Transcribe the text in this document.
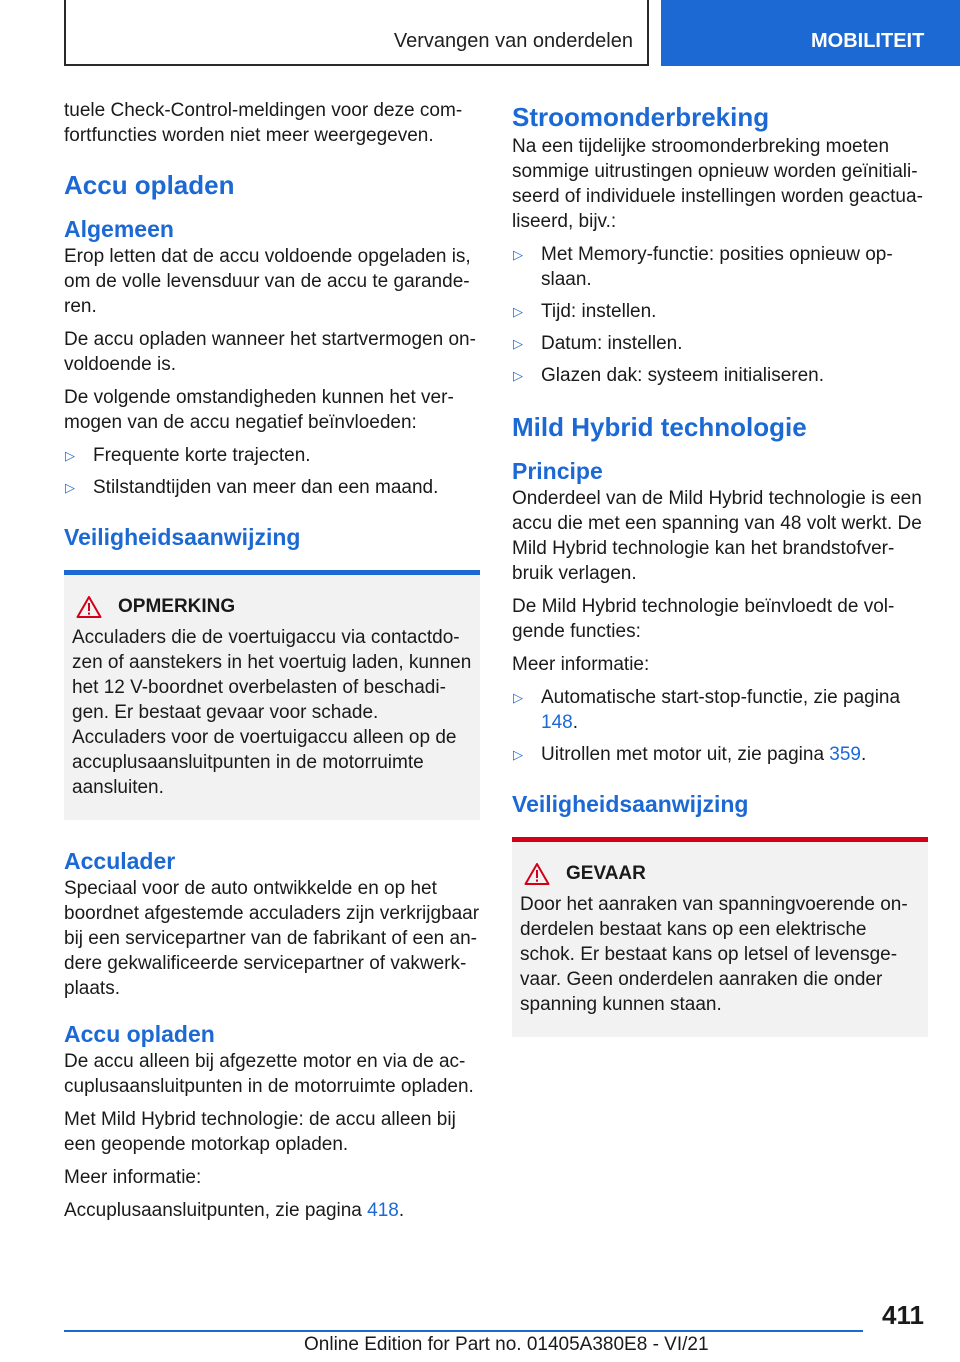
Vervangen van onderdelen	MOBILITEIT

tuele Check-Control-meldingen voor deze comfortfuncties worden niet meer weergegeven.

Accu opladen
Algemeen

Erop letten dat de accu voldoende opgeladen is, om de volle levensduur van de accu te garanderen.

De accu opladen wanneer het startvermogen onvoldoende is.

De volgende omstandigheden kunnen het vermogen van de accu negatief beïnvloeden:

▷ Frequente korte trajecten.
▷ Stilstandtijden van meer dan een maand.
Veiligheidsaanwijzing
OPMERKING

Acculaders die de voertuigaccu via contactdozen of aanstekers in het voertuig laden, kunnen het 12 V-boordnet overbelasten of beschadigen. Er bestaat gevaar voor schade. Acculaders voor de voertuigaccu alleen op de accuplusaansluitpunten in de motorruimte aansluiten.

Acculader

Speciaal voor de auto ontwikkelde en op het boordnet afgestemde acculaders zijn verkrijgbaar bij een servicepartner van de fabrikant of een andere gekwalificeerde servicepartner of vakwerkplaats.

Accu opladen

De accu alleen bij afgezette motor en via de accuplusaansluitpunten in de motorruimte opladen.

Met Mild Hybrid technologie: de accu alleen bij een geopende motorkap opladen.

Meer informatie:

Accuplusaansluitpunten, zie pagina 418.

Stroomonderbreking

Na een tijdelijke stroomonderbreking moeten sommige uitrustingen opnieuw worden geïnitialiseerd of individuele instellingen worden geactualiseerd, bijv.:

▷ Met Memory-functie: posities opnieuw opslaan.
▷ Tijd: instellen.
▷ Datum: instellen.
▷ Glazen dak: systeem initialiseren.
Mild Hybrid technologie
Principe

Onderdeel van de Mild Hybrid technologie is een accu die met een spanning van 48 volt werkt. De Mild Hybrid technologie kan het brandstofverbruik verlagen.

De Mild Hybrid technologie beïnvloedt de volgende functies:

Meer informatie:

▷ Automatische start-stop-functie, zie pagina 148.
▷ Uitrollen met motor uit, zie pagina 359.
Veiligheidsaanwijzing
GEVAAR

Door het aanraken van spanningvoerende onderdelen bestaat kans op een elektrische schok. Er bestaat kans op letsel of levensgevaar. Geen onderdelen aanraken die onder spanning kunnen staan.

411
Online Edition for Part no. 01405A380E8 - VI/21
